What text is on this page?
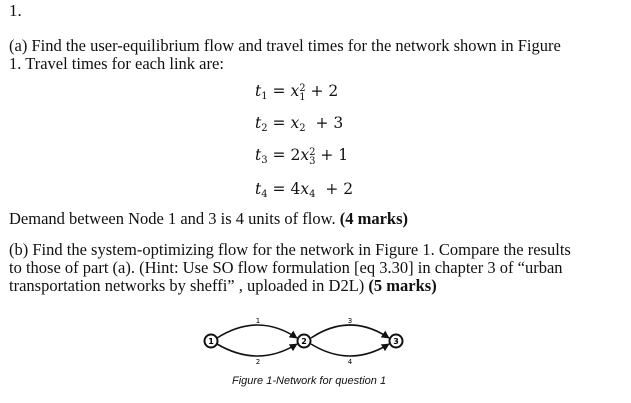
1.

(a) Find the user-equilibrium flow and travel times for the network shown in Figure

1. Travel times for each link are:

$t_1 = x2$
1 + 2
$t_2 = x_2 + 3$
$t_3 = 2x2$
3 + 1
$t_4 = 4x_4 + 2$

Demand between Node 1 and 3 is 4 units of flow. (4 marks)

(b) Find the system-optimizing flow for the network in Figure 1. Compare the results

to those of part (a). (Hint: Use SO flow formulation [eq 3.30] in chapter 3 of “urban

transportation networks by sheffi” , uploaded in D2L) (5 marks)

1
2
3
4
1	2	3

Figure 1-Network for question 1
